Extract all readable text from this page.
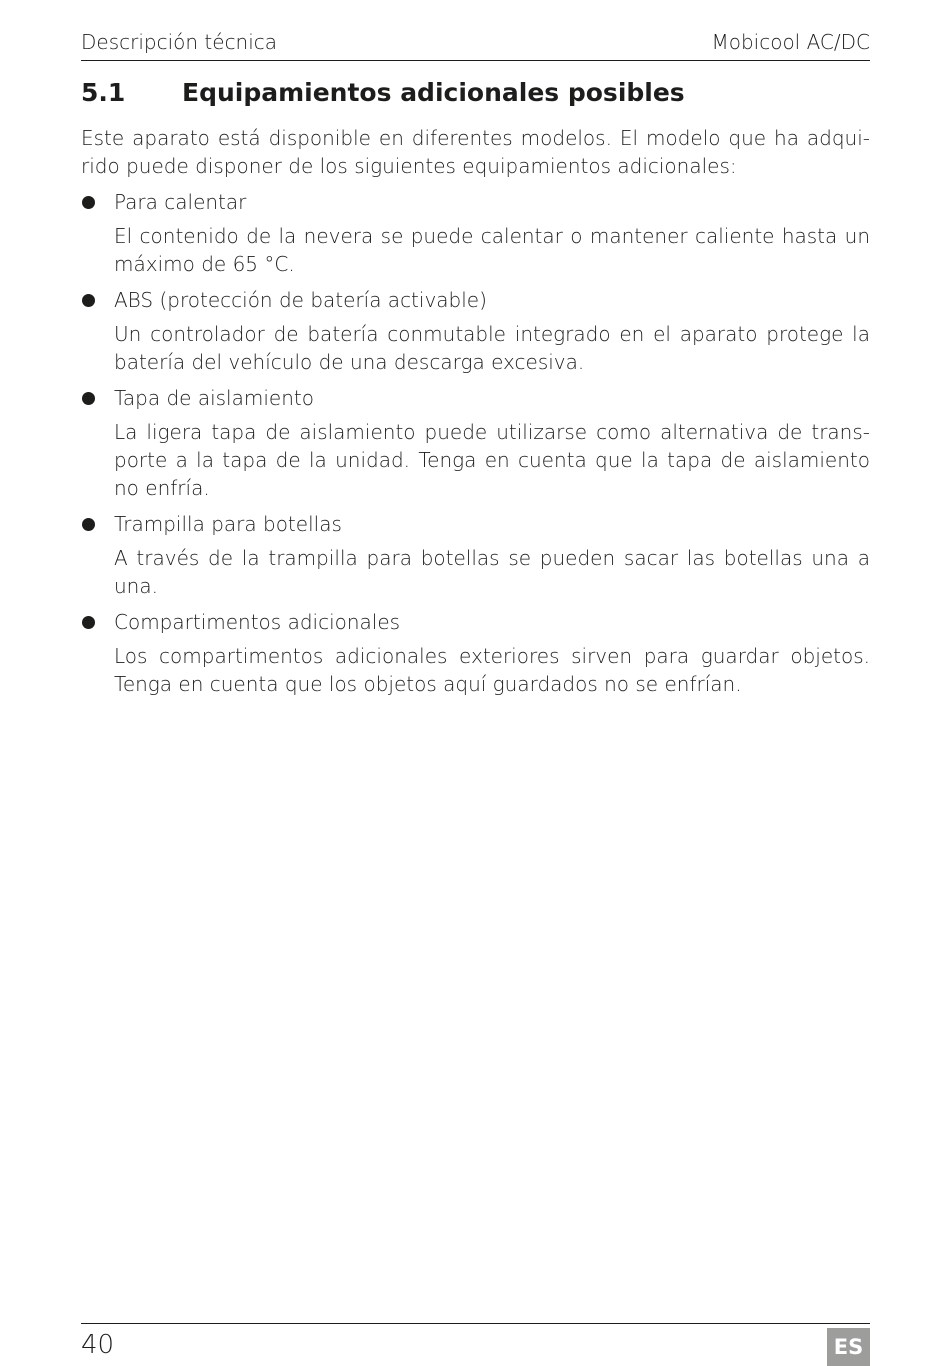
Descripción técnica	Mobicool AC/DC
5.1 Equipamientos adicionales posibles

Este aparato está disponible en diferentes modelos. El modelo que ha adquirido puede disponer de los siguientes equipamientos adicionales:

Para calentar
El contenido de la nevera se puede calentar o mantener caliente hasta un máximo de 65 °C.
ABS (protección de batería activable)
Un controlador de batería conmutable integrado en el aparato protege la batería del vehículo de una descarga excesiva.
Tapa de aislamiento
La ligera tapa de aislamiento puede utilizarse como alternativa de transporte a la tapa de la unidad. Tenga en cuenta que la tapa de aislamiento no enfría.
Trampilla para botellas
A través de la trampilla para botellas se pueden sacar las botellas una a una.
Compartimentos adicionales
Los compartimentos adicionales exteriores sirven para guardar objetos. Tenga en cuenta que los objetos aquí guardados no se enfrían.
40	ES
